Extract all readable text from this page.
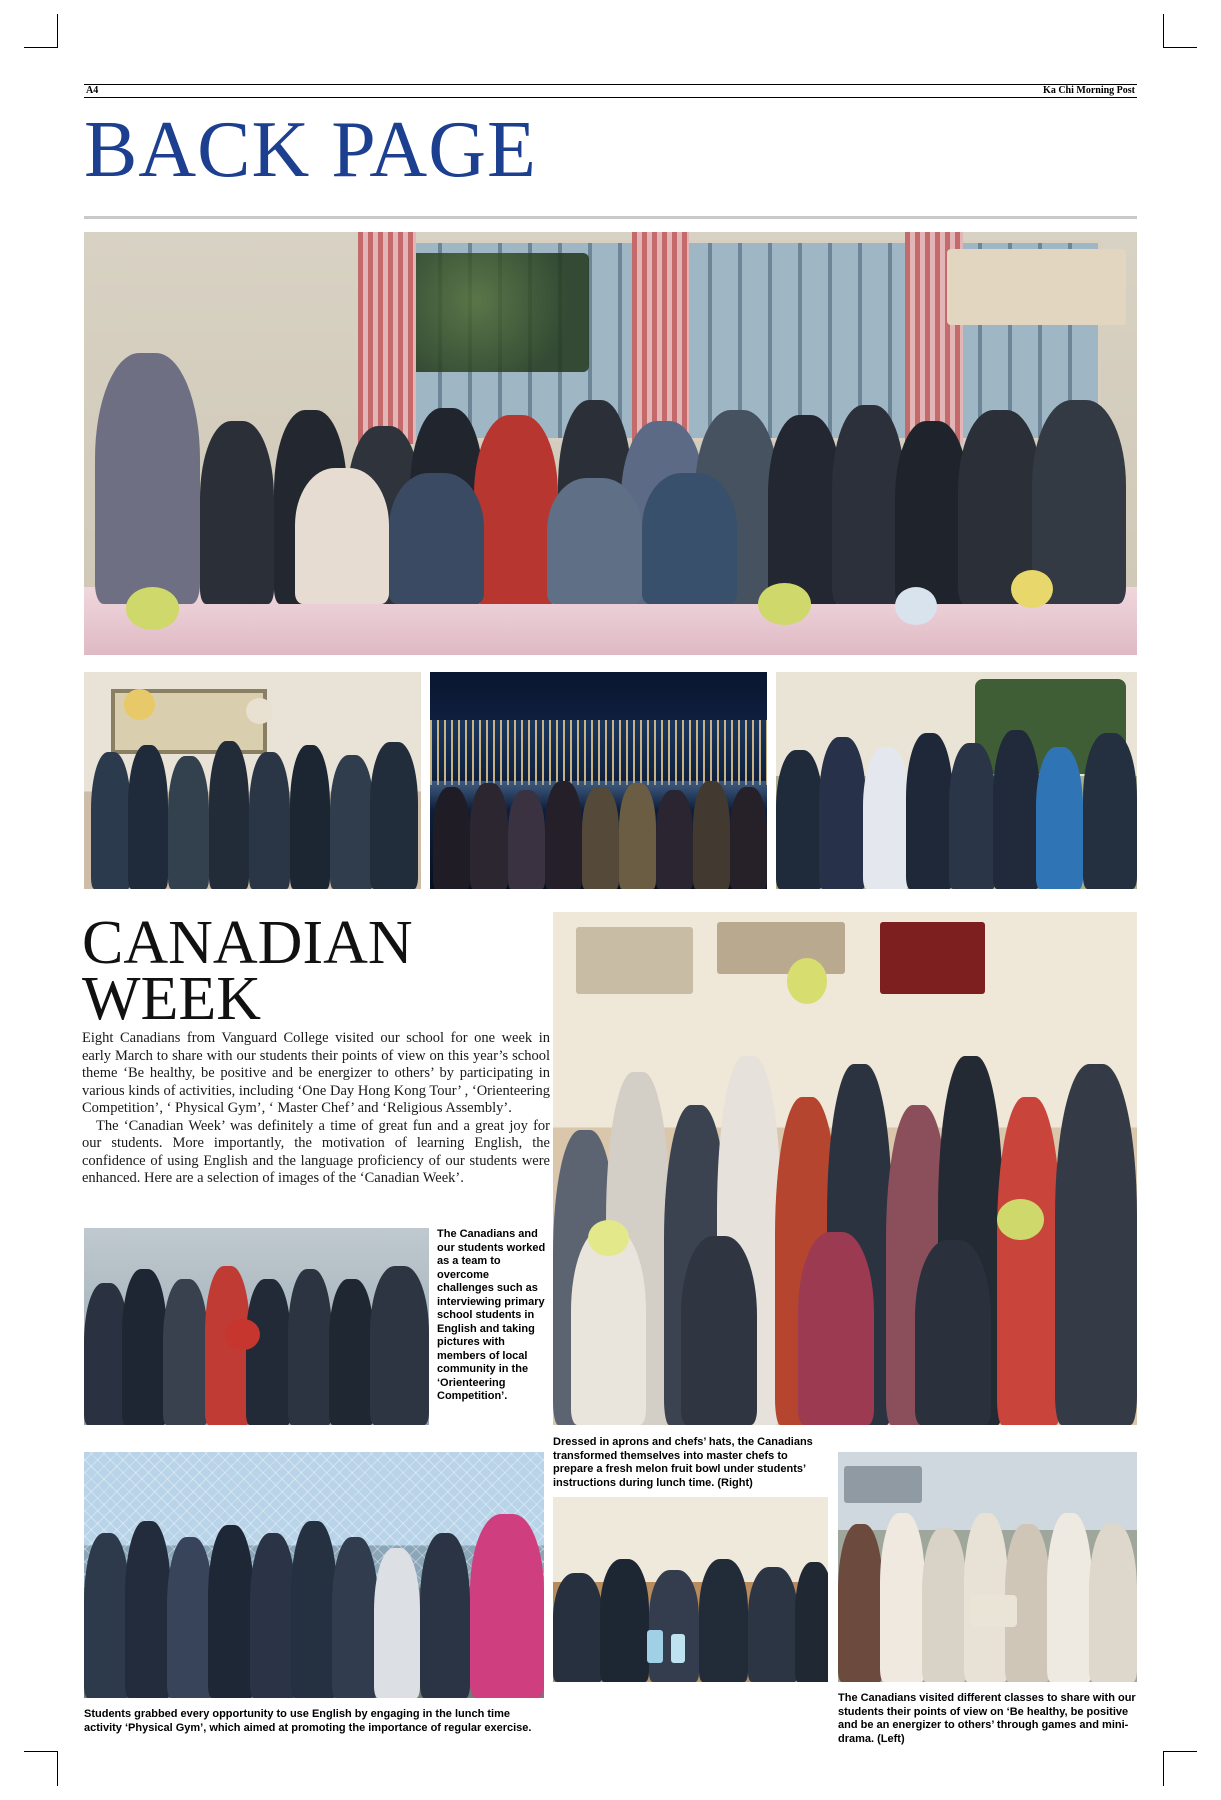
A4	Ka Chi Morning Post
BACK PAGE
CANADIAN
WEEK

Eight Canadians from Vanguard College visited our school for one week in early March to share with our students their points of view on this year’s school theme ‘Be healthy, be positive and be energizer to others’ by participating in various kinds of activities, including ‘One Day Hong Kong Tour’ , ‘Orienteering Competition’, ‘ Physical Gym’, ‘ Master Chef’ and ‘Religious Assembly’.

The ‘Canadian Week’ was definitely a time of great fun and a great joy for our students. More importantly, the motivation of learning English, the confidence of using English and the language proficiency of our students were enhanced. Here are a selection of images of the ‘Canadian Week’.

The Canadians and our students worked as a team to overcome challenges such as interviewing primary school students in English and taking pictures with members of local community in the ‘Orienteering Competition’.
Dressed in aprons and chefs’ hats, the Canadians transformed themselves into master chefs to prepare a fresh melon fruit bowl under students’ instructions during lunch time. (Right)
Students grabbed every opportunity to use English by engaging in the lunch time activity ‘Physical Gym’, which aimed at promoting the importance of regular exercise.
The Canadians visited different classes to share with our students their points of view on ‘Be healthy, be positive and be an energizer to others’ through games and mini-drama. (Left)
